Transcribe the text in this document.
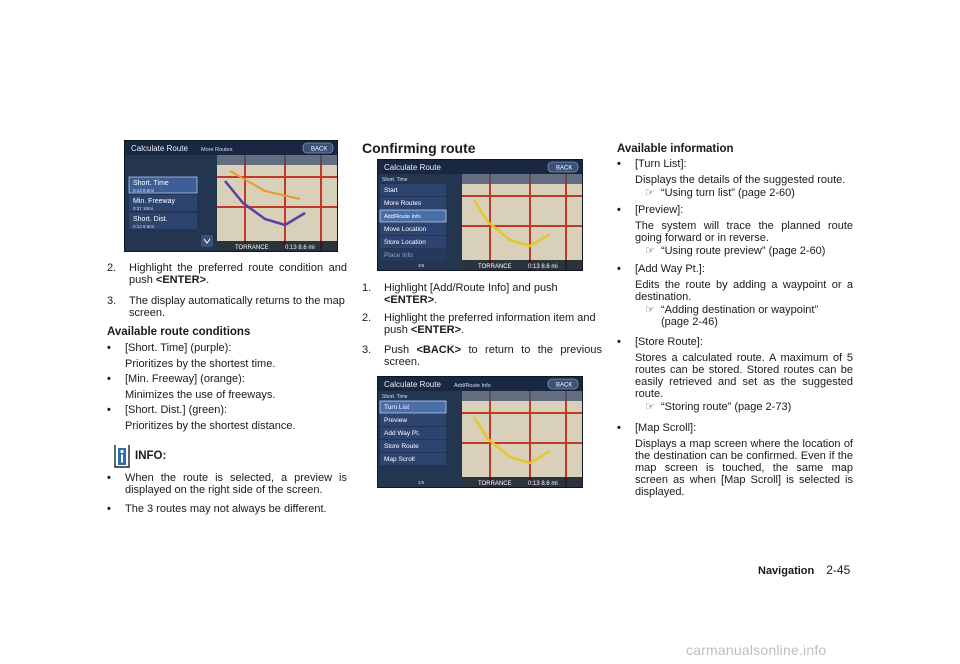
TORRANCE	0:13 8.6 mi
Calculate Route More Routes	BACK
Short. Time
0:13 8.6mi
Min. Freeway
0:37 10mi
Short. Dist.
0:13 8.6mi
2. Highlight the preferred route condition and push <ENTER>.
3. The display automatically returns to the map screen.

Available route conditions

• [Short. Time] (purple):
Prioritizes by the shortest time.
• [Min. Freeway] (orange):
Minimizes the use of freeways.
• [Short. Dist.] (green):
Prioritizes by the shortest distance.

INFO:

• When the route is selected, a preview is displayed on the right side of the screen.
• The 3 routes may not always be different.
Confirming route
TORRANCE	0:13 8.6 mi
Calculate Route	BACK
Short. Time
Start
More Routes
Add/Route Info
Move Location
Store Location
Place Info
3/6
1. Highlight [Add/Route Info] and push
<ENTER>.
2. Highlight the preferred information item and push <ENTER>.
3. Push <BACK> to return to the previous screen.
TORRANCE	0:13 8.6 mi
Calculate Route Add/Route Info	BACK
Short. Time
Turn List
Preview
Add Way Pt.
Store Route
Map Scroll
1/5

Available information

• [Turn List]:
Displays the details of the suggested route.
☞ “Using turn list” (page 2-60)
• [Preview]:
The system will trace the planned route going forward or in reverse.
☞ “Using route preview” (page 2-60)
• [Add Way Pt.]:
Edits the route by adding a waypoint or a destination.
☞ “Adding destination or waypoint”
(page 2-46)
• [Store Route]:
Stores a calculated route. A maximum of 5 routes can be stored. Stored routes can be easily retrieved and set as the suggested route.
☞ “Storing route” (page 2-73)
• [Map Scroll]:
Displays a map screen where the location of the destination can be confirmed. Even if the map screen is touched, the same map screen as when [Map Scroll] is selected is displayed.
Navigation 2-45
carmanualsonline.info
